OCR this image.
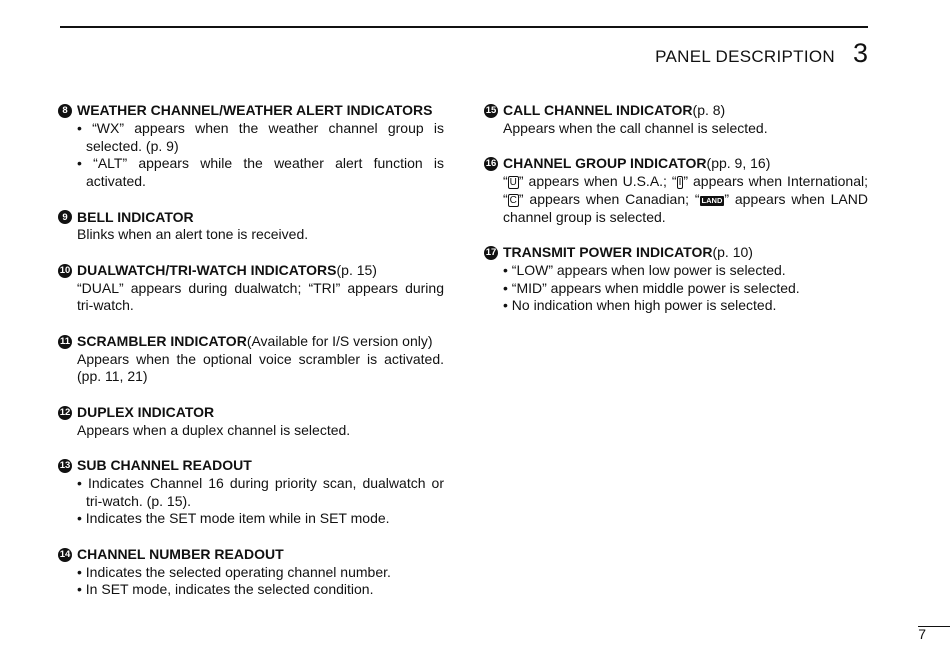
PANEL DESCRIPTION 3
8 WEATHER CHANNEL/WEATHER ALERT INDICATORS
• “WX” appears when the weather channel group is selected. (p. 9)
• “ALT” appears while the weather alert function is activated.
9 BELL INDICATOR
Blinks when an alert tone is received.
10 DUALWATCH/TRI-WATCH INDICATORS (p. 15)
“DUAL” appears during dualwatch; “TRI” appears during tri-watch.
11 SCRAMBLER INDICATOR (Available for I/S version only)
Appears when the optional voice scrambler is activated. (pp. 11, 21)
12 DUPLEX INDICATOR
Appears when a duplex channel is selected.
13 SUB CHANNEL READOUT
• Indicates Channel 16 during priority scan, dualwatch or tri-watch. (p. 15).
• Indicates the SET mode item while in SET mode.
14 CHANNEL NUMBER READOUT
• Indicates the selected operating channel number.
• In SET mode, indicates the selected condition.
15 CALL CHANNEL INDICATOR (p. 8)
Appears when the call channel is selected.
16 CHANNEL GROUP INDICATOR (pp. 9, 16)
“ U ” appears when U.S.A.; “ I ” appears when International; “ C ” appears when Canadian; “ LAND ” appears when LAND channel group is selected.
17 TRANSMIT POWER INDICATOR (p. 10)
• “LOW” appears when low power is selected.
• “MID” appears when middle power is selected.
• No indication when high power is selected.
7
